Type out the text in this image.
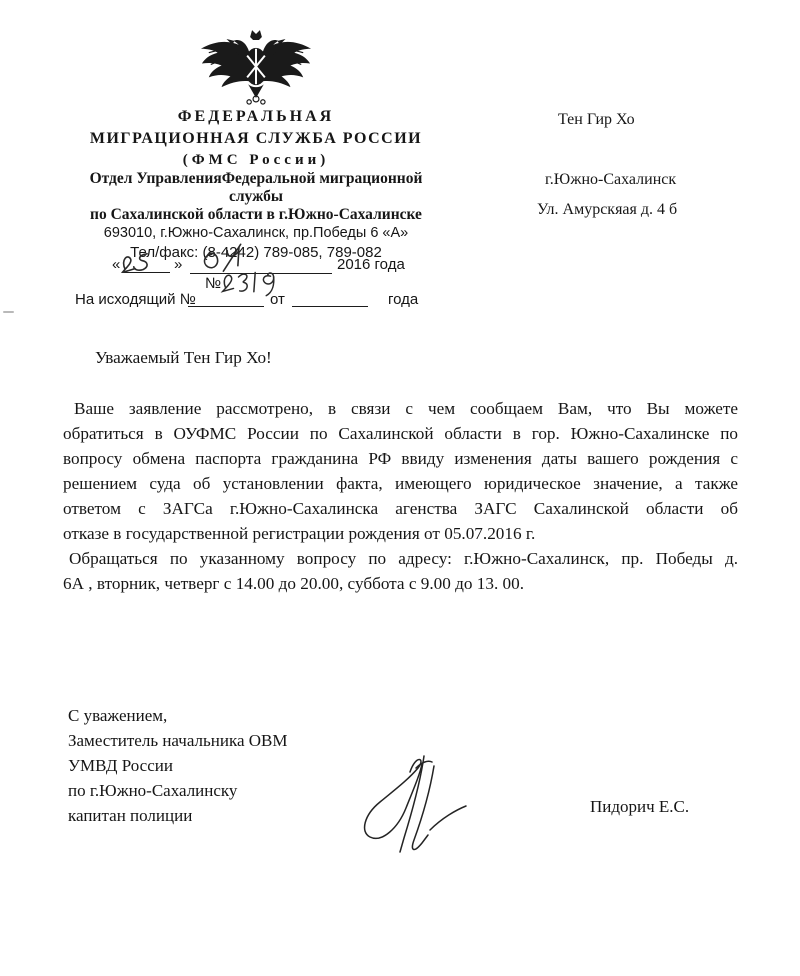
ФЕДЕРАЛЬНАЯ
МИГРАЦИОННАЯ СЛУЖБА РОССИИ
(ФМС России)
Отдел УправленияФедеральной миграционной
службы
по Сахалинской области в г.Южно-Сахалинске
693010, г.Южно-Сахалинск, пр.Победы 6 «А»
Тел/факс: (8-4242) 789-085, 789-082
«	»	2016 года
№
На исходящий №	от	года
Тен Гир Хо
г.Южно-Сахалинск
Ул. Амурскяая д. 4 б
Уважаемый Тен Гир Хо!
Ваше заявление рассмотрено, в связи с чем сообщаем Вам, что Вы можете
обратиться в ОУФМС России по Сахалинской области в гор. Южно-Сахалинске по
вопросу обмена паспорта гражданина РФ ввиду изменения даты вашего рождения с
решением суда об установлении факта, имеющего юридическое значение, а также
ответом с ЗАГСа г.Южно-Сахалинска агенства ЗАГС Сахалинской области об
отказе в государственной регистрации рождения от 05.07.2016 г.
Обращаться по указанному вопросу по адресу: г.Южно-Сахалинск, пр. Победы д.
6А , вторник, четверг с 14.00 до 20.00, суббота с 9.00 до 13. 00.
С уважением,
Заместитель начальника ОВМ
УМВД России
по г.Южно-Сахалинску
капитан полиции	Пидорич Е.С.
